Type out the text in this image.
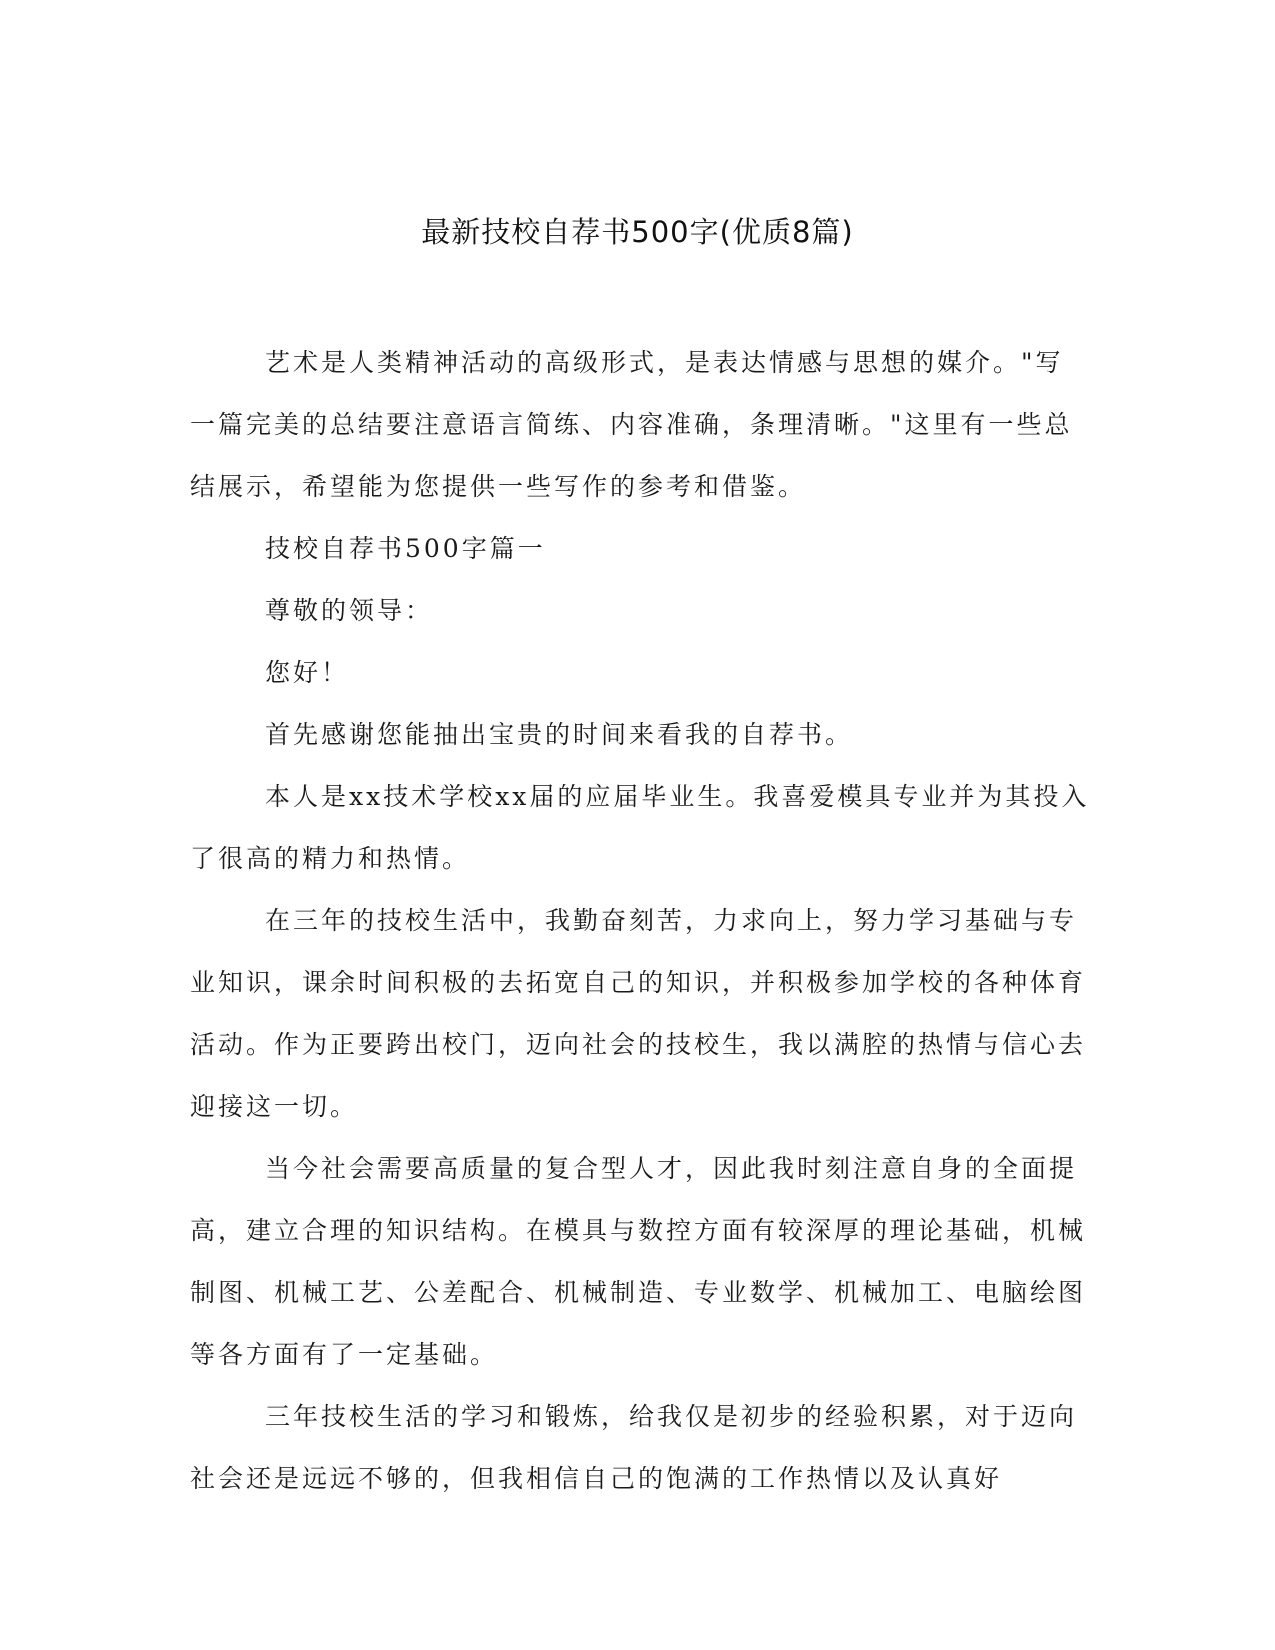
最新技校自荐书500字(优质8篇)

艺术是人类精神活动的高级形式，是表达情感与思想的媒介。"写一篇完美的总结要注意语言简练、内容准确，条理清晰。"这里有一些总结展示，希望能为您提供一些写作的参考和借鉴。

技校自荐书500字篇一

尊敬的领导：

您好！

首先感谢您能抽出宝贵的时间来看我的自荐书。

本人是xx技术学校xx届的应届毕业生。我喜爱模具专业并为其投入了很高的精力和热情。

在三年的技校生活中，我勤奋刻苦，力求向上，努力学习基础与专业知识，课余时间积极的去拓宽自己的知识，并积极参加学校的各种体育活动。作为正要跨出校门，迈向社会的技校生，我以满腔的热情与信心去迎接这一切。

当今社会需要高质量的复合型人才，因此我时刻注意自身的全面提高，建立合理的知识结构。在模具与数控方面有较深厚的理论基础，机械制图、机械工艺、公差配合、机械制造、专业数学、机械加工、电脑绘图等各方面有了一定基础。

三年技校生活的学习和锻炼，给我仅是初步的经验积累，对于迈向社会还是远远不够的，但我相信自己的饱满的工作热情以及认真好
